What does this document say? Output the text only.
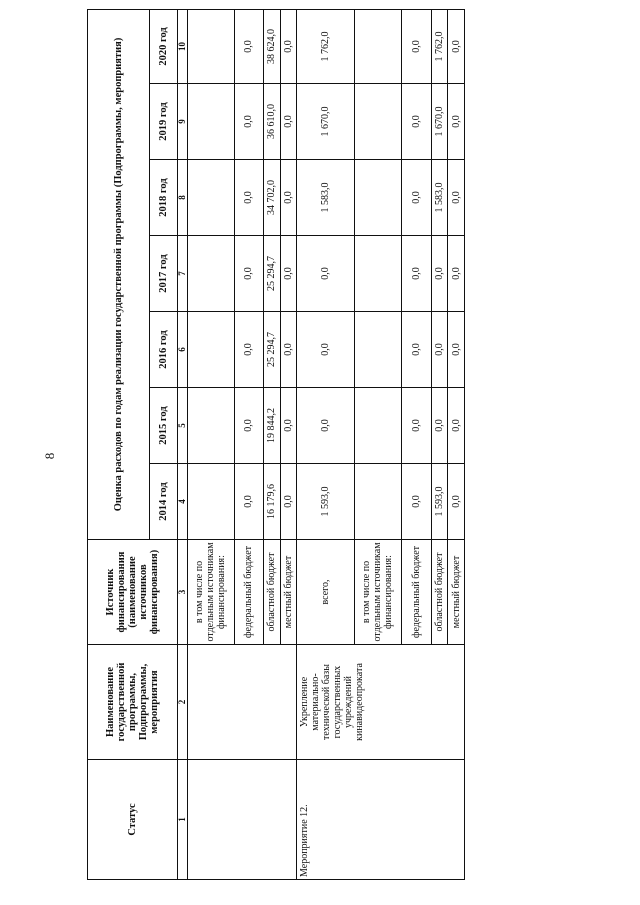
8
Статус	Наименование государственной программы, Подпрограммы, мероприятия	Источник финансирования (наименование источников финансирования)	Оценка расходов по годам реализации государственной программы (Подпрограммы, мероприятия)						
			2014 год	2015 год	2016 год	2017 год	2018 год	2019 год	2020 год
1	2	3	4	5	6	7	8	9	10
		в том числе по отдельным источникам финансирования:							
		федеральный бюджет	0,0	0,0	0,0	0,0	0,0	0,0	0,0
		областной бюджет	16 179,6	19 844,2	25 294,7	25 294,7	34 702,0	36 610,0	38 624,0
		местный бюджет	0,0	0,0	0,0	0,0	0,0	0,0	0,0
Мероприятие 12.	Укрепление материально-технической базы государственных учреждений кинавидеопроката	всего,	1 593,0	0,0	0,0	0,0	1 583,0	1 670,0	1 762,0
		в том числе по отдельным источникам финансирования:							
		федеральный бюджет	0,0	0,0	0,0	0,0	0,0	0,0	0,0
		областной бюджет	1 593,0	0,0	0,0	0,0	1 583,0	1 670,0	1 762,0
		местный бюджет	0,0	0,0	0,0	0,0	0,0	0,0	0,0
